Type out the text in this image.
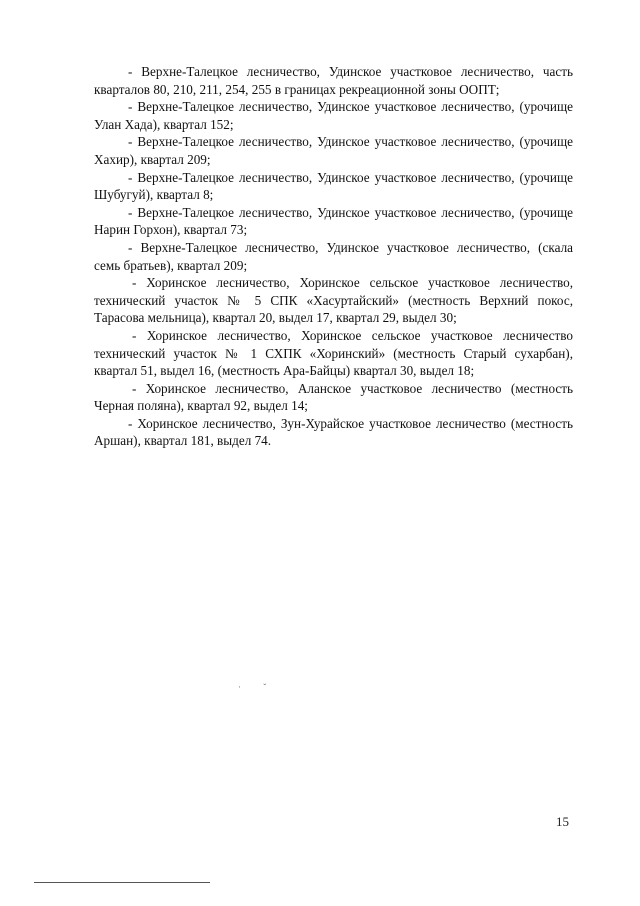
- Верхне-Талецкое лесничество, Удинское участковое лесничество, часть кварталов 80, 210, 211, 254, 255 в границах рекреационной зоны ООПТ;

- Верхне-Талецкое лесничество, Удинское участковое лесничество, (урочище Улан Хада), квартал 152;

- Верхне-Талецкое лесничество, Удинское участковое лесничество, (урочище Хахир), квартал 209;

- Верхне-Талецкое лесничество, Удинское участковое лесничество, (урочище Шубугуй), квартал 8;

- Верхне-Талецкое лесничество, Удинское участковое лесничество, (урочище Нарин Горхон), квартал 73;

- Верхне-Талецкое лесничество, Удинское участковое лесничество, (скала семь братьев), квартал 209;

- Хоринское лесничество, Хоринское сельское участковое лесничество, технический участок № 5 СПК «Хасуртайский» (местность Верхний покос, Тарасова мельница), квартал 20, выдел 17, квартал 29, выдел 30;

- Хоринское лесничество, Хоринское сельское участковое лесничество технический участок № 1 СХПК «Хоринский» (местность Старый сухарбан), квартал 51, выдел 16, (местность Ара-Байцы) квартал 30, выдел 18;

- Хоринское лесничество, Аланское участковое лесничество (местность Черная поляна), квартал 92, выдел 14;

- Хоринское лесничество, Зун-Хурайское участковое лесничество (местность Аршан), квартал 181, выдел 74.

· ˇ
15
